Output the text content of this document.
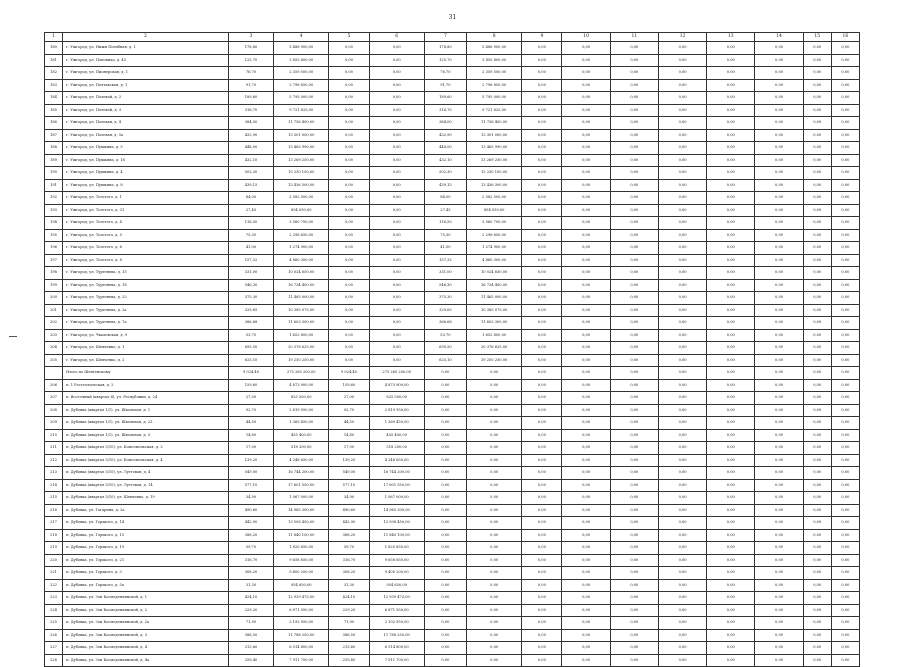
31
1	2	3	4	5	6	7	8	9	10	11	12	13	14	15	16
180	г. Ужгород, ул. Нижн Погибная, д. 1	178,80	5 486 900,00	0,00	0,00	178,80	5 486 900,00	0,00	0,00	0,00	0,00	0,00	0,00	0,00	0,00
181	г. Ужгород, ул. Поповича, д. 43	125,70	3 855 800,00	0,00	0,00	125,70	3 855 800,00	0,00	0,00	0,00	0,00	0,00	0,00	0,00	0,00
182	г. Ужгород, ул. Пионерская, д. 1	76,70	2 359 500,00	0,00	0,00	76,70	2 359 500,00	0,00	0,00	0,00	0,00	0,00	0,00	0,00	0,00
183	г. Ужгород, ул. Полтавская, д. 1	91,70	2 796 850,00	0,00	0,00	91,70	2 796 850,00	0,00	0,00	0,00	0,00	0,00	0,00	0,00	0,00
184	г. Ужгород, ул. Полевой, д. 2	189,60	5 795 000,00	0,00	0,00	189,60	5 795 000,00	0,00	0,00	0,00	0,00	0,00	0,00	0,00	0,00
185	г. Ужгород, ул. Полевой, д. 3	316,70	9 721 825,00	0,00	0,00	316,70	9 721 825,00	0,00	0,00	0,00	0,00	0,00	0,00	0,00	0,00
186	г. Ужгород, ул. Полевая, д. 4	384,00	11 756 400,00	0,00	0,00	384,00	11 756 400,00	0,00	0,00	0,00	0,00	0,00	0,00	0,00	0,00
187	г. Ужгород, ул. Полевая, д. 5а	432,90	13 301 000,00	0,00	0,00	432,90	13 301 000,00	0,00	0,00	0,00	0,00	0,00	0,00	0,00	0,00
188	г. Ужгород, ул. Пушкина, д. 5	448,00	13 465 990,00	0,00	0,00	448,00	13 465 990,00	0,00	0,00	0,00	0,00	0,00	0,00	0,00	0,00
189	г. Ужгород, ул. Пушкина, д. 16	432,10	13 269 250,00	0,00	0,00	432,10	13 269 250,00	0,00	0,00	0,00	0,00	0,00	0,00	0,00	0,00
190	г. Ужгород, ул. Пушкина, д. 4	502,30	15 230 150,00	0,00	0,00	502,30	15 230 150,00	0,00	0,00	0,00	0,00	0,00	0,00	0,00	0,00
191	г. Ужгород, ул. Пушкина, д. 8	439,15	13 436 300,00	0,00	0,00	439,15	13 436 300,00	0,00	0,00	0,00	0,00	0,00	0,00	0,00	0,00
192	г. Ужгород, ул. Толстого, д. 1	84,00	2 582 500,00	0,00	0,00	84,00	2 582 500,00	0,00	0,00	0,00	0,00	0,00	0,00	0,00	0,00
193	г. Ужгород, ул. Толстого, д. 31	27,45	854 050,00	0,00	0,00	27,45	854 050,00	0,00	0,00	0,00	0,00	0,00	0,00	0,00	0,00
194	г. Ужгород, ул. Толстого, д. 4	116,50	3 560 700,00	0,00	0,00	116,50	3 560 700,00	0,00	0,00	0,00	0,00	0,00	0,00	0,00	0,00
195	г. Ужгород, ул. Толстого, д. 5	75,30	2 296 650,00	0,00	0,00	75,30	2 296 650,00	0,00	0,00	0,00	0,00	0,00	0,00	0,00	0,00
196	г. Ужгород, ул. Толстого, д. 6	41,00	1 274 900,00	0,00	0,00	41,00	1 274 900,00	0,00	0,00	0,00	0,00	0,00	0,00	0,00	0,00
197	г. Ужгород, ул. Толстого, д. 8	157,32	4 860 300,00	0,00	0,00	157,32	4 860 300,00	0,00	0,00	0,00	0,00	0,00	0,00	0,00	0,00
198	г. Ужгород, ул. Тургенева, д. 15	331,00	10 024 650,00	0,00	0,00	331,00	10 024 650,00	0,00	0,00	0,00	0,00	0,00	0,00	0,00	0,00
199	г. Ужгород, ул. Тургенева, д. 18	546,30	16 734 400,00	0,00	0,00	546,30	16 734 400,00	0,00	0,00	0,00	0,00	0,00	0,00	0,00	0,00
200	г. Ужгород, ул. Тургенева, д. 23	375,30	11 465 000,00	0,00	0,00	375,30	11 465 000,00	0,00	0,00	0,00	0,00	0,00	0,00	0,00	0,00
201	г. Ужгород, ул. Тургенева, д. 2а	329,65	10 385 075,00	0,00	0,00	329,65	10 385 075,00	0,00	0,00	0,00	0,00	0,00	0,00	0,00	0,00
202	г. Ужгород, ул. Тургенева, д. 7а	366,68	11 603 300,00	0,00	0,00	366,68	11 603 300,00	0,00	0,00	0,00	0,00	0,00	0,00	0,00	0,00
203	г. Ужгород, ул. Чкаловская, д. 9	53,70	1 652 800,00	0,00	0,00	53,70	1 652 800,00	0,00	0,00	0,00	0,00	0,00	0,00	0,00	0,00
204	г. Ужгород, ул. Шевченко, д. 1	695,50	20 376 625,00	0,00	0,00	695,50	20 376 625,00	0,00	0,00	0,00	0,00	0,00	0,00	0,00	0,00
205	г. Ужгород, ул. Шевченко, д. 2	625,10	19 250 250,00	0,00	0,00	625,10	19 250 250,00	0,00	0,00	0,00	0,00	0,00	0,00	0,00	0,00
	Итого по Шенгенскому	9 024,40	275 265 200,00	9 024,40	275 265 200,00	0,00	0,00	0,00	0,00	0,00	0,00	0,00	0,00	0,00	0,00
206	п. 1 Росгеологиская, д. 2	159,60	4 873 900,00	159,60	4 873 900,00	0,00	0,00	0,00	0,00	0,00	0,00	0,00	0,00	0,00	0,00
207	п. Восточный (квартал 4), ул. Республики, д. 24	27,00	825 500,00	27,00	825 500,00	0,00	0,00	0,00	0,00	0,00	0,00	0,00	0,00	0,00	0,00
208	п. Дубовка (квартал 1/1), ул. Школьная, д. 1	92,70	2 819 950,00	92,70	2 819 950,00	0,00	0,00	0,00	0,00	0,00	0,00	0,00	0,00	0,00	0,00
209	п. Дубовка (квартал 1/1), ул. Школьная, д. 23	44,50	1 369 450,00	44,50	1 369 450,00	0,00	0,00	0,00	0,00	0,00	0,00	0,00	0,00	0,00	0,00
210	п. Дубовка (квартал 1/1), ул. Школьная, д. 5	14,80	455 400,00	14,80	455 400,00	0,00	0,00	0,00	0,00	0,00	0,00	0,00	0,00	0,00	0,00
211	п. Дубовка (квартал 5/10), ул. Комсомольская, д. 2	17,00	518 200,00	17,00	518 200,00	0,00	0,00	0,00	0,00	0,00	0,00	0,00	0,00	0,00	0,00
212	п. Дубовка (квартал 5/10), ул. Комсомольская, д. 4	139,20	4 248 650,00	139,20	4 248 650,00	0,00	0,00	0,00	0,00	0,00	0,00	0,00	0,00	0,00	0,00
213	п. Дубовка (квартал 5/10), ул. Лугговая, д. 4	549,00	16 744 200,00	549,00	16 744 200,00	0,00	0,00	0,00	0,00	0,00	0,00	0,00	0,00	0,00	0,00
214	п. Дубовка (квартал 5/10), ул. Лугговая, д. 14	577,10	17 601 550,00	577,10	17 601 550,00	0,00	0,00	0,00	0,00	0,00	0,00	0,00	0,00	0,00	0,00
215	п. Дубовка (квартал 5/10), ул. Шевченко, д. 19	34,90	1 067 000,00	34,90	1 067 000,00	0,00	0,00	0,00	0,00	0,00	0,00	0,00	0,00	0,00	0,00
216	п. Дубовка, ул. Гагарина, д. 2а	490,60	14 965 300,00	490,60	14 965 300,00	0,00	0,00	0,00	0,00	0,00	0,00	0,00	0,00	0,00	0,00
217	п. Дубовка, ул. Горького, д. 14	442,90	13 508 450,00	442,90	13 508 450,00	0,00	0,00	0,00	0,00	0,00	0,00	0,00	0,00	0,00	0,00
218	п. Дубовка, ул. Горького, д. 15	388,20	11 840 100,00	388,20	11 840 100,00	0,00	0,00	0,00	0,00	0,00	0,00	0,00	0,00	0,00	0,00
219	п. Дубовка, ул. Горького, д. 19	59,70	1 820 850,00	59,70	1 820 850,00	0,00	0,00	0,00	0,00	0,00	0,00	0,00	0,00	0,00	0,00
220	п. Дубовка, ул. Горького, д. 21	316,70	9 658 850,00	316,70	9 658 850,00	0,00	0,00	0,00	0,00	0,00	0,00	0,00	0,00	0,00	0,00
221	п. Дубовка, ул. Горького, д. 3	308,20	9 400 200,00	308,20	9 400 200,00	0,00	0,00	0,00	0,00	0,00	0,00	0,00	0,00	0,00	0,00
222	п. Дубовка, ул. Горького, д. 5а	31,30	954 650,00	31,30	954 650,00	0,00	0,00	0,00	0,00	0,00	0,00	0,00	0,00	0,00	0,00
223	п. Дубовка, ул. Зои Космодемьянской, д. 1	424,10	12 939 475,00	424,10	12 939 475,00	0,00	0,00	0,00	0,00	0,00	0,00	0,00	0,00	0,00	0,00
224	п. Дубовка, ул. Зои Космодемьянской, д. 2	229,20	6 871 950,00	229,20	6 871 950,00	0,00	0,00	0,00	0,00	0,00	0,00	0,00	0,00	0,00	0,00
225	п. Дубовка, ул. Зои Космодемьянской, д. 2а	71,90	2 192 950,00	71,90	2 192 950,00	0,00	0,00	0,00	0,00	0,00	0,00	0,00	0,00	0,00	0,00
226	п. Дубовка, ул. Зои Космодемьянской, д. 3	386,50	11 788 250,00	386,50	11 788 250,00	0,00	0,00	0,00	0,00	0,00	0,00	0,00	0,00	0,00	0,00
227	п. Дубовка, ул. Зои Космодемьянской, д. 4	213,60	6 514 800,00	213,60	6 514 800,00	0,00	0,00	0,00	0,00	0,00	0,00	0,00	0,00	0,00	0,00
228	п. Дубовка, ул. Зои Космодемьянской, д. 4а	259,40	7 911 700,00	259,40	7 911 700,00	0,00	0,00	0,00	0,00	0,00	0,00	0,00	0,00	0,00	0,00
